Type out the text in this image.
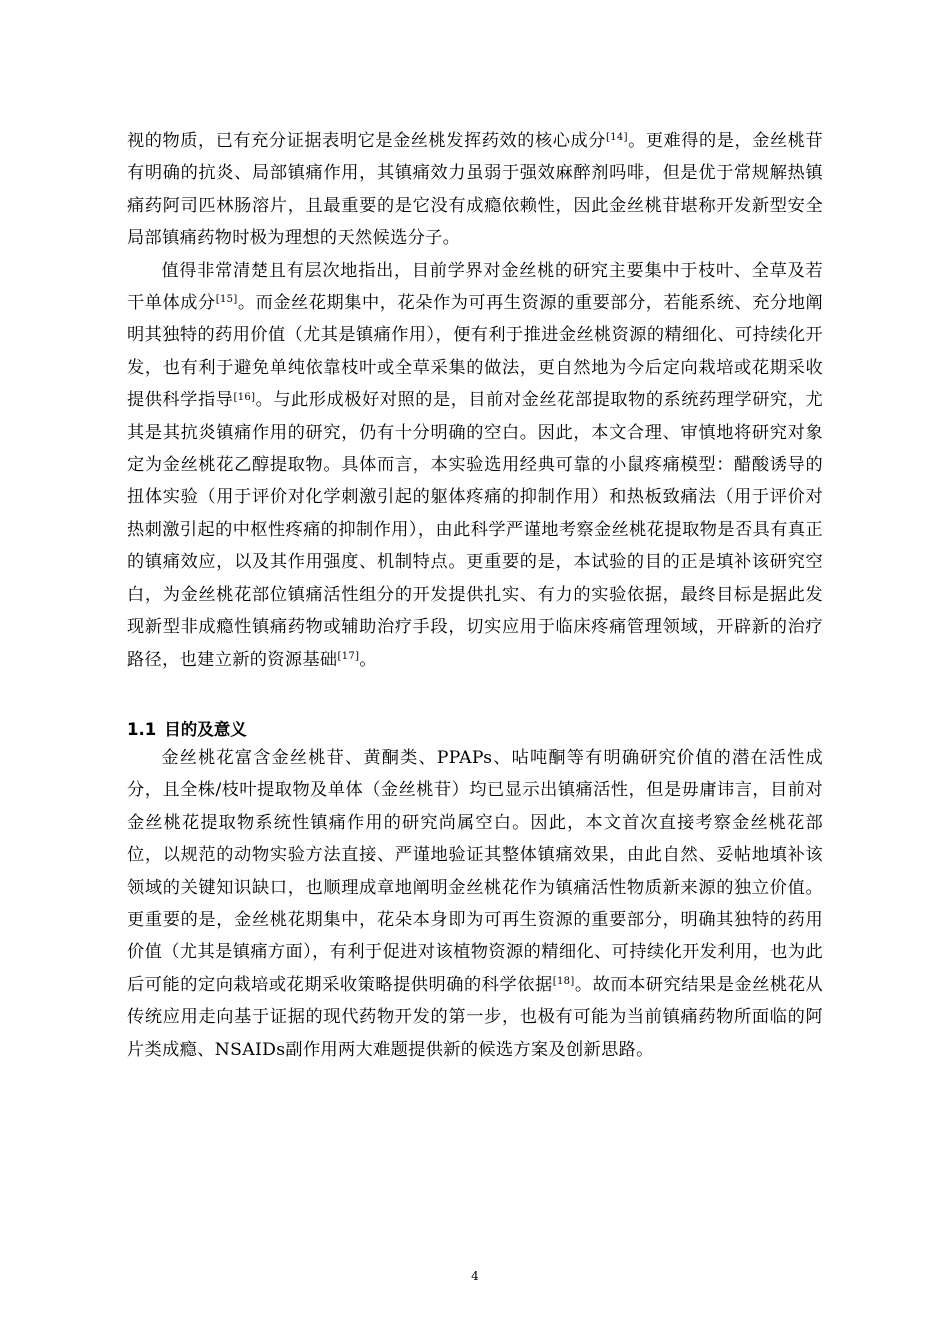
视的物质，已有充分证据表明它是金丝桃发挥药效的核心成分[14]。更难得的是，金丝桃苷有明确的抗炎、局部镇痛作用，其镇痛效力虽弱于强效麻醉剂吗啡，但是优于常规解热镇痛药阿司匹林肠溶片，且最重要的是它没有成瘾依赖性，因此金丝桃苷堪称开发新型安全局部镇痛药物时极为理想的天然候选分子。

值得非常清楚且有层次地指出，目前学界对金丝桃的研究主要集中于枝叶、全草及若干单体成分[15]。而金丝花期集中，花朵作为可再生资源的重要部分，若能系统、充分地阐明其独特的药用价值（尤其是镇痛作用），便有利于推进金丝桃资源的精细化、可持续化开发，也有利于避免单纯依靠枝叶或全草采集的做法，更自然地为今后定向栽培或花期采收提供科学指导[16]。与此形成极好对照的是，目前对金丝花部提取物的系统药理学研究，尤其是其抗炎镇痛作用的研究，仍有十分明确的空白。因此，本文合理、审慎地将研究对象定为金丝桃花乙醇提取物。具体而言，本实验选用经典可靠的小鼠疼痛模型：醋酸诱导的扭体实验（用于评价对化学刺激引起的躯体疼痛的抑制作用）和热板致痛法（用于评价对热刺激引起的中枢性疼痛的抑制作用），由此科学严谨地考察金丝桃花提取物是否具有真正的镇痛效应，以及其作用强度、机制特点。更重要的是，本试验的目的正是填补该研究空白，为金丝桃花部位镇痛活性组分的开发提供扎实、有力的实验依据，最终目标是据此发现新型非成瘾性镇痛药物或辅助治疗手段，切实应用于临床疼痛管理领域，开辟新的治疗路径，也建立新的资源基础[17]。

1.1 目的及意义

金丝桃花富含金丝桃苷、黄酮类、PPAPs、呫吨酮等有明确研究价值的潜在活性成分，且全株/枝叶提取物及单体（金丝桃苷）均已显示出镇痛活性，但是毋庸讳言，目前对金丝桃花提取物系统性镇痛作用的研究尚属空白。因此，本文首次直接考察金丝桃花部位，以规范的动物实验方法直接、严谨地验证其整体镇痛效果，由此自然、妥帖地填补该领域的关键知识缺口，也顺理成章地阐明金丝桃花作为镇痛活性物质新来源的独立价值。更重要的是，金丝桃花期集中，花朵本身即为可再生资源的重要部分，明确其独特的药用价值（尤其是镇痛方面），有利于促进对该植物资源的精细化、可持续化开发利用，也为此后可能的定向栽培或花期采收策略提供明确的科学依据[18]。故而本研究结果是金丝桃花从传统应用走向基于证据的现代药物开发的第一步，也极有可能为当前镇痛药物所面临的阿片类成瘾、NSAIDs副作用两大难题提供新的候选方案及创新思路。

4
